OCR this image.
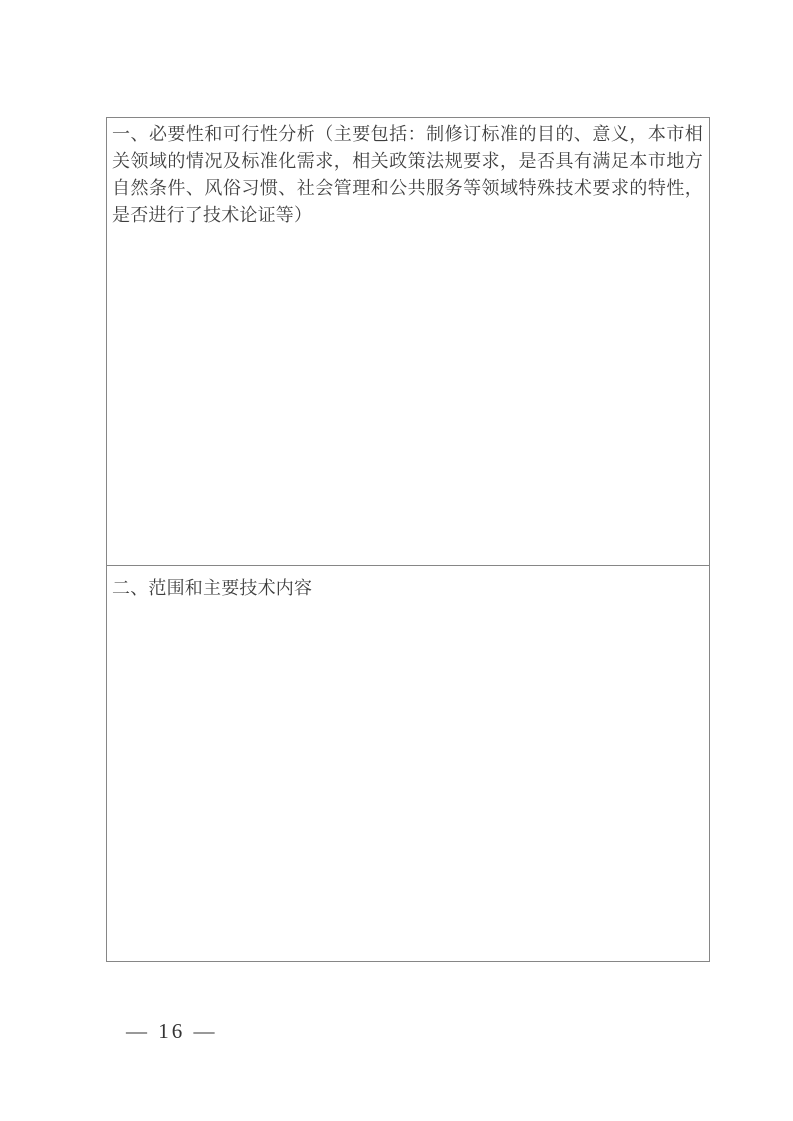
一、必要性和可行性分析（主要包括：制修订标准的目的、意义，本市相关领域的情况及标准化需求，相关政策法规要求，是否具有满足本市地方自然条件、风俗习惯、社会管理和公共服务等领域特殊技术要求的特性，是否进行了技术论证等）

二、范围和主要技术内容

— 16 —
